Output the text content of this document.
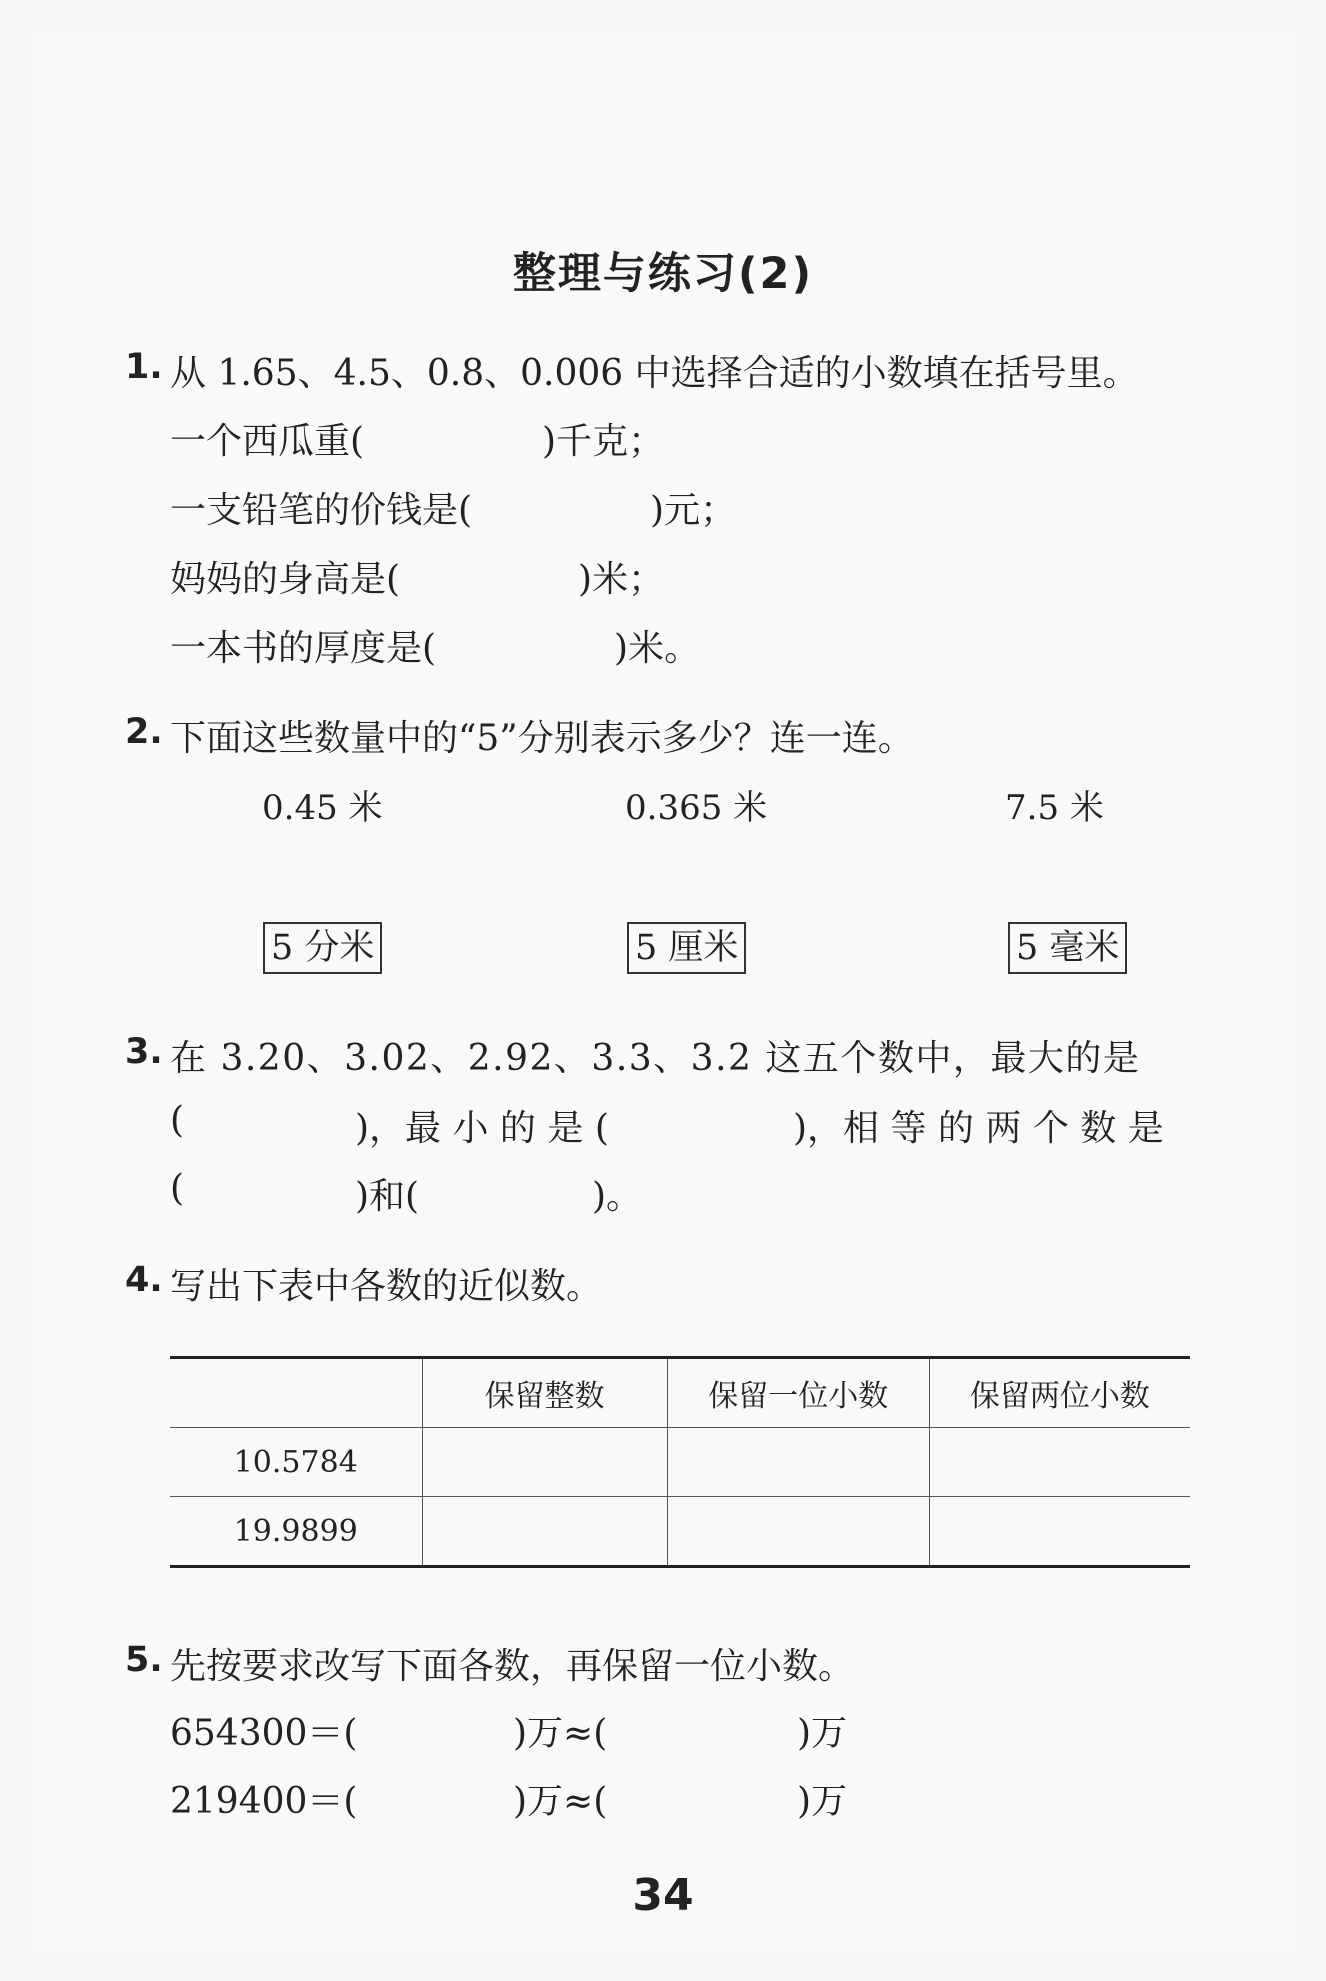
整理与练习(2)
1. 从 1.65、4.5、0.8、0.006 中选择合适的小数填在括号里。
一个西瓜重(	)千克；
一支铅笔的价钱是(	)元；
妈妈的身高是(	)米；
一本书的厚度是(	)米。
2. 下面这些数量中的“5”分别表示多少？连一连。
0.45 米	0.365 米	7.5 米
5 分米	5 厘米	5 毫米
3. 在 3.20、3.02、2.92、3.3、3.2 这五个数中，最大的是
(	)，最 小 的 是 (	)，相 等 的 两 个 数 是
(	)和(	)。
4. 写出下表中各数的近似数。
	保留整数	保留一位小数	保留两位小数
10.5784			
19.9899			
5. 先按要求改写下面各数，再保留一位小数。
654300＝(	)万≈(	)万
219400＝(	)万≈(	)万
34
